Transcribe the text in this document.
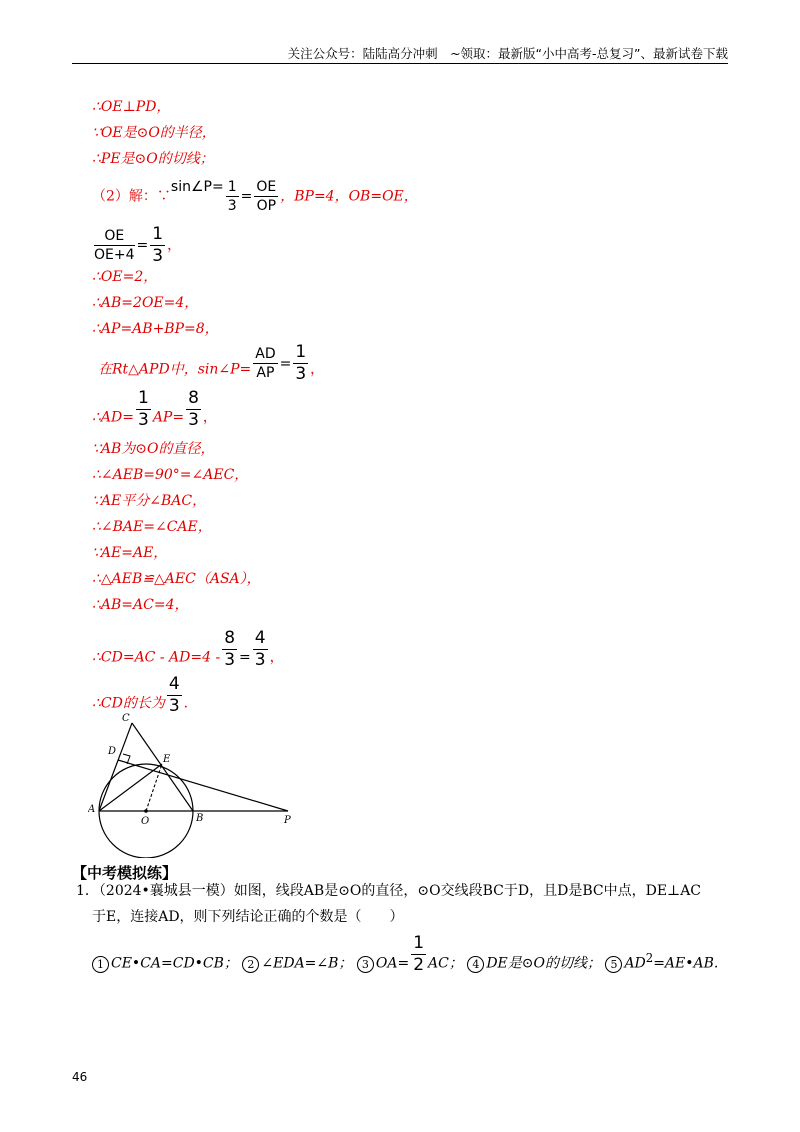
关注公众号：陆陆高分冲刺　~领取：最新版“小中高考-总复习”、最新试卷下载
∴OE⊥PD，
∵OE是⊙O的半径，
∴PE是⊙O的切线；
（2）解：∵sin∠P= $\frac{1}{3} = \frac{OE}{OP}$ ，BP=4，OB=OE，
$\frac{OE}{OE+4} = \frac{1}{3}$ ，
∴OE=2，
∴AB=2OE=4，
∴AP=AB+BP=8，
在Rt△APD中，sin∠P= $\frac{AD}{AP} = \frac{1}{3}$ ，
∴AD= $\frac{1}{3} AP= \frac{8}{3}$ ，
∵AB为⊙O的直径，
∴∠AEB=90°=∠AEC，
∵AE平分∠BAC，
∴∠BAE=∠CAE，
∵AE=AE，
∴△AEB≌△AEC（ASA），
∴AB=AC=4，
∴CD=AC - $AD=4 - \frac{8}{3} = \frac{4}{3}$ ，
∴CD的长为 $\frac{4}{3}$ .
C
D
E
A
O	B	P
【中考模拟练】
1．（2024•襄城县一模）如图，线段AB是⊙O的直径，⊙O交线段BC于D，且D是BC中点，DE⊥AC
于E，连接AD，则下列结论正确的个数是（　　）
1 CE•CA=CD•CB； 2 ∠EDA=∠B； 3 $OA= \frac{1}{2}$ AC； 4 DE是⊙O的切线； 5 $AD^2=AE•AB$.
46
